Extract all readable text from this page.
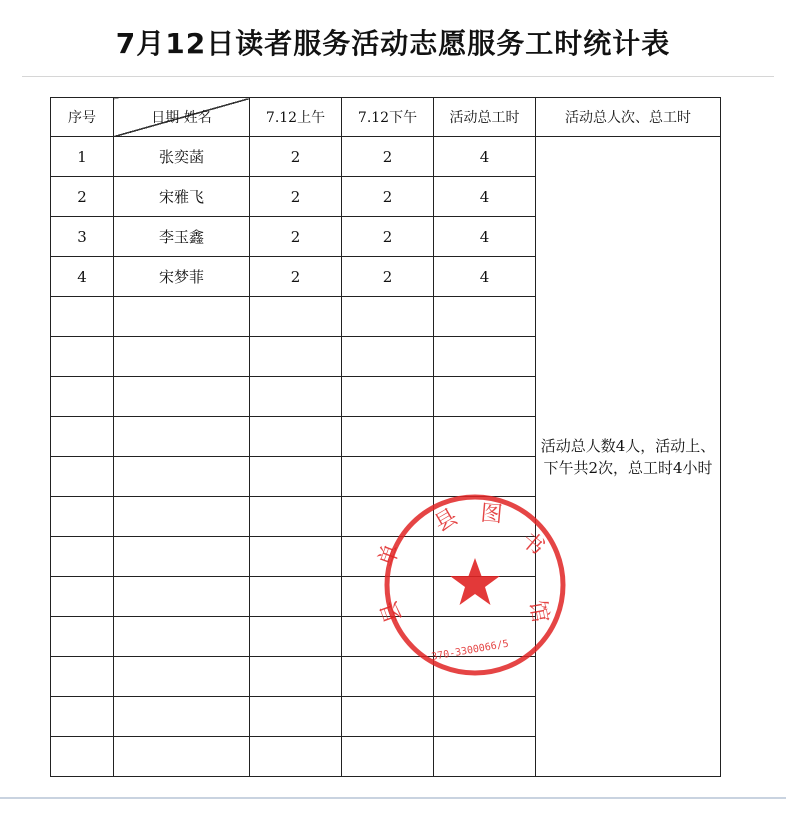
7月12日读者服务活动志愿服务工时统计表
序号	日期 姓名	7.12上午	7.12下午	活动总工时	活动总人次、总工时
1	张奕菡	2	2	4	活动总人数4人，活动上、下午共2次，总工时4小时
2	宋雅飞	2	2	4	
3	李玉鑫	2	2	4	
4	宋梦菲	2	2	4	

县 图
书
馆
单
县
370-3300066/5
